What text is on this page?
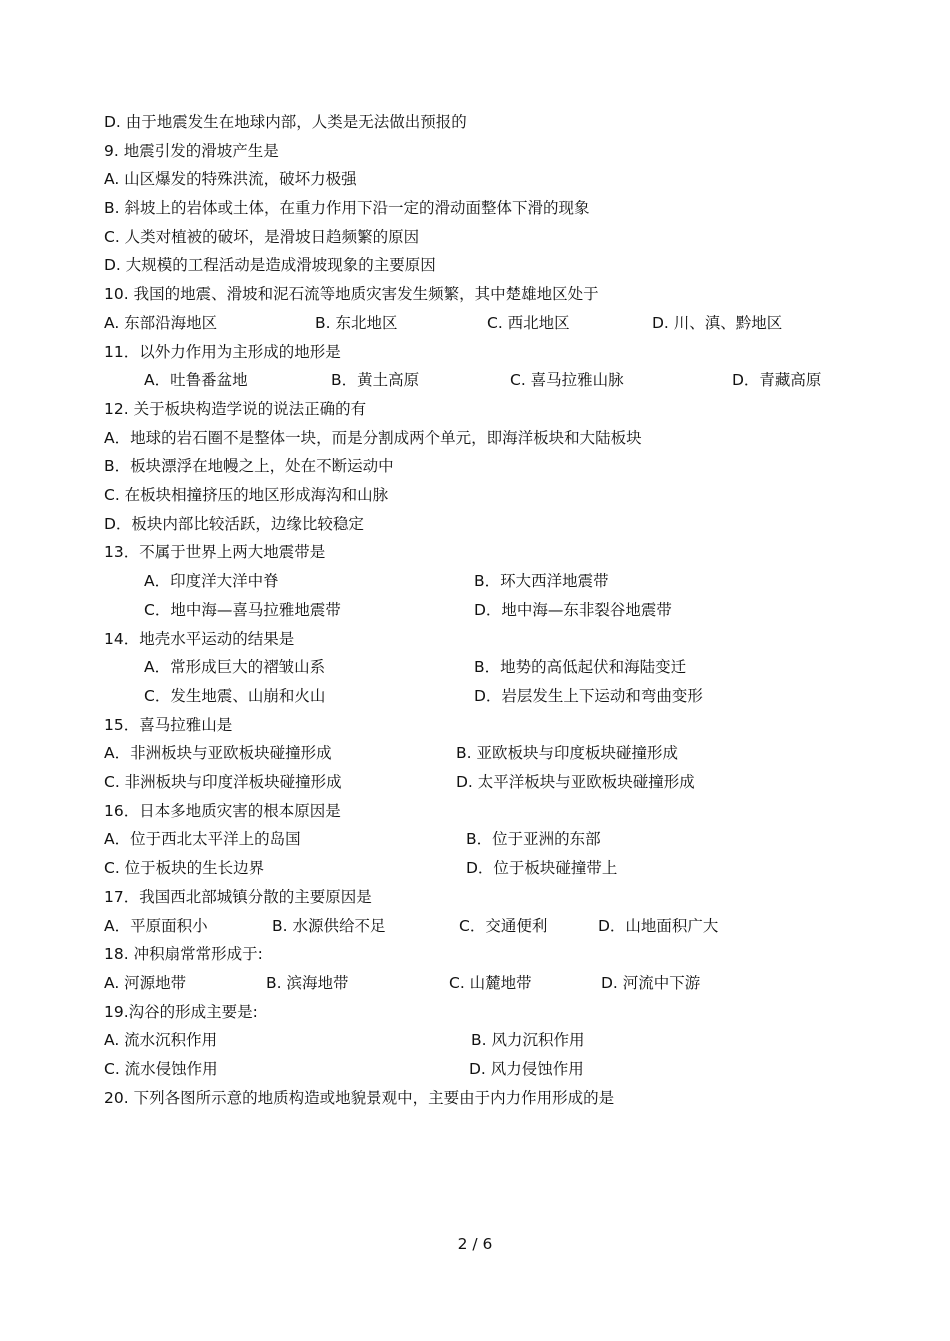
D. 由于地震发生在地球内部，人类是无法做出预报的
9. 地震引发的滑坡产生是
A. 山区爆发的特殊洪流，破坏力极强
B. 斜坡上的岩体或土体，在重力作用下沿一定的滑动面整体下滑的现象
C. 人类对植被的破坏，是滑坡日趋频繁的原因
D. 大规模的工程活动是造成滑坡现象的主要原因
10. 我国的地震、滑坡和泥石流等地质灾害发生频繁，其中楚雄地区处于
A. 东部沿海地区	B. 东北地区	C. 西北地区	D. 川、滇、黔地区
11．以外力作用为主形成的地形是
A．吐鲁番盆地	B．黄土高原	C. 喜马拉雅山脉	D．青藏高原
12. 关于板块构造学说的说法正确的有
A．地球的岩石圈不是整体一块，而是分割成两个单元，即海洋板块和大陆板块
B．板块漂浮在地幔之上，处在不断运动中
C. 在板块相撞挤压的地区形成海沟和山脉
D．板块内部比较活跃，边缘比较稳定
13．不属于世界上两大地震带是
A．印度洋大洋中脊	B．环大西洋地震带
C．地中海—喜马拉雅地震带	D．地中海—东非裂谷地震带
14．地壳水平运动的结果是
A．常形成巨大的褶皱山系	B．地势的高低起伏和海陆变迁
C．发生地震、山崩和火山	D．岩层发生上下运动和弯曲变形
15．喜马拉雅山是
A．非洲板块与亚欧板块碰撞形成	B. 亚欧板块与印度板块碰撞形成
C. 非洲板块与印度洋板块碰撞形成	D. 太平洋板块与亚欧板块碰撞形成
16．日本多地质灾害的根本原因是
A．位于西北太平洋上的岛国	B．位于亚洲的东部
C. 位于板块的生长边界	D．位于板块碰撞带上
17．我国西北部城镇分散的主要原因是
A．平原面积小	B. 水源供给不足	C．交通便利	D．山地面积广大
18. 冲积扇常常形成于:
A. 河源地带	B. 滨海地带	C. 山麓地带	D. 河流中下游
19.沟谷的形成主要是:
A. 流水沉积作用	B. 风力沉积作用
C. 流水侵蚀作用	D. 风力侵蚀作用
20. 下列各图所示意的地质构造或地貌景观中，主要由于内力作用形成的是
2 / 6
